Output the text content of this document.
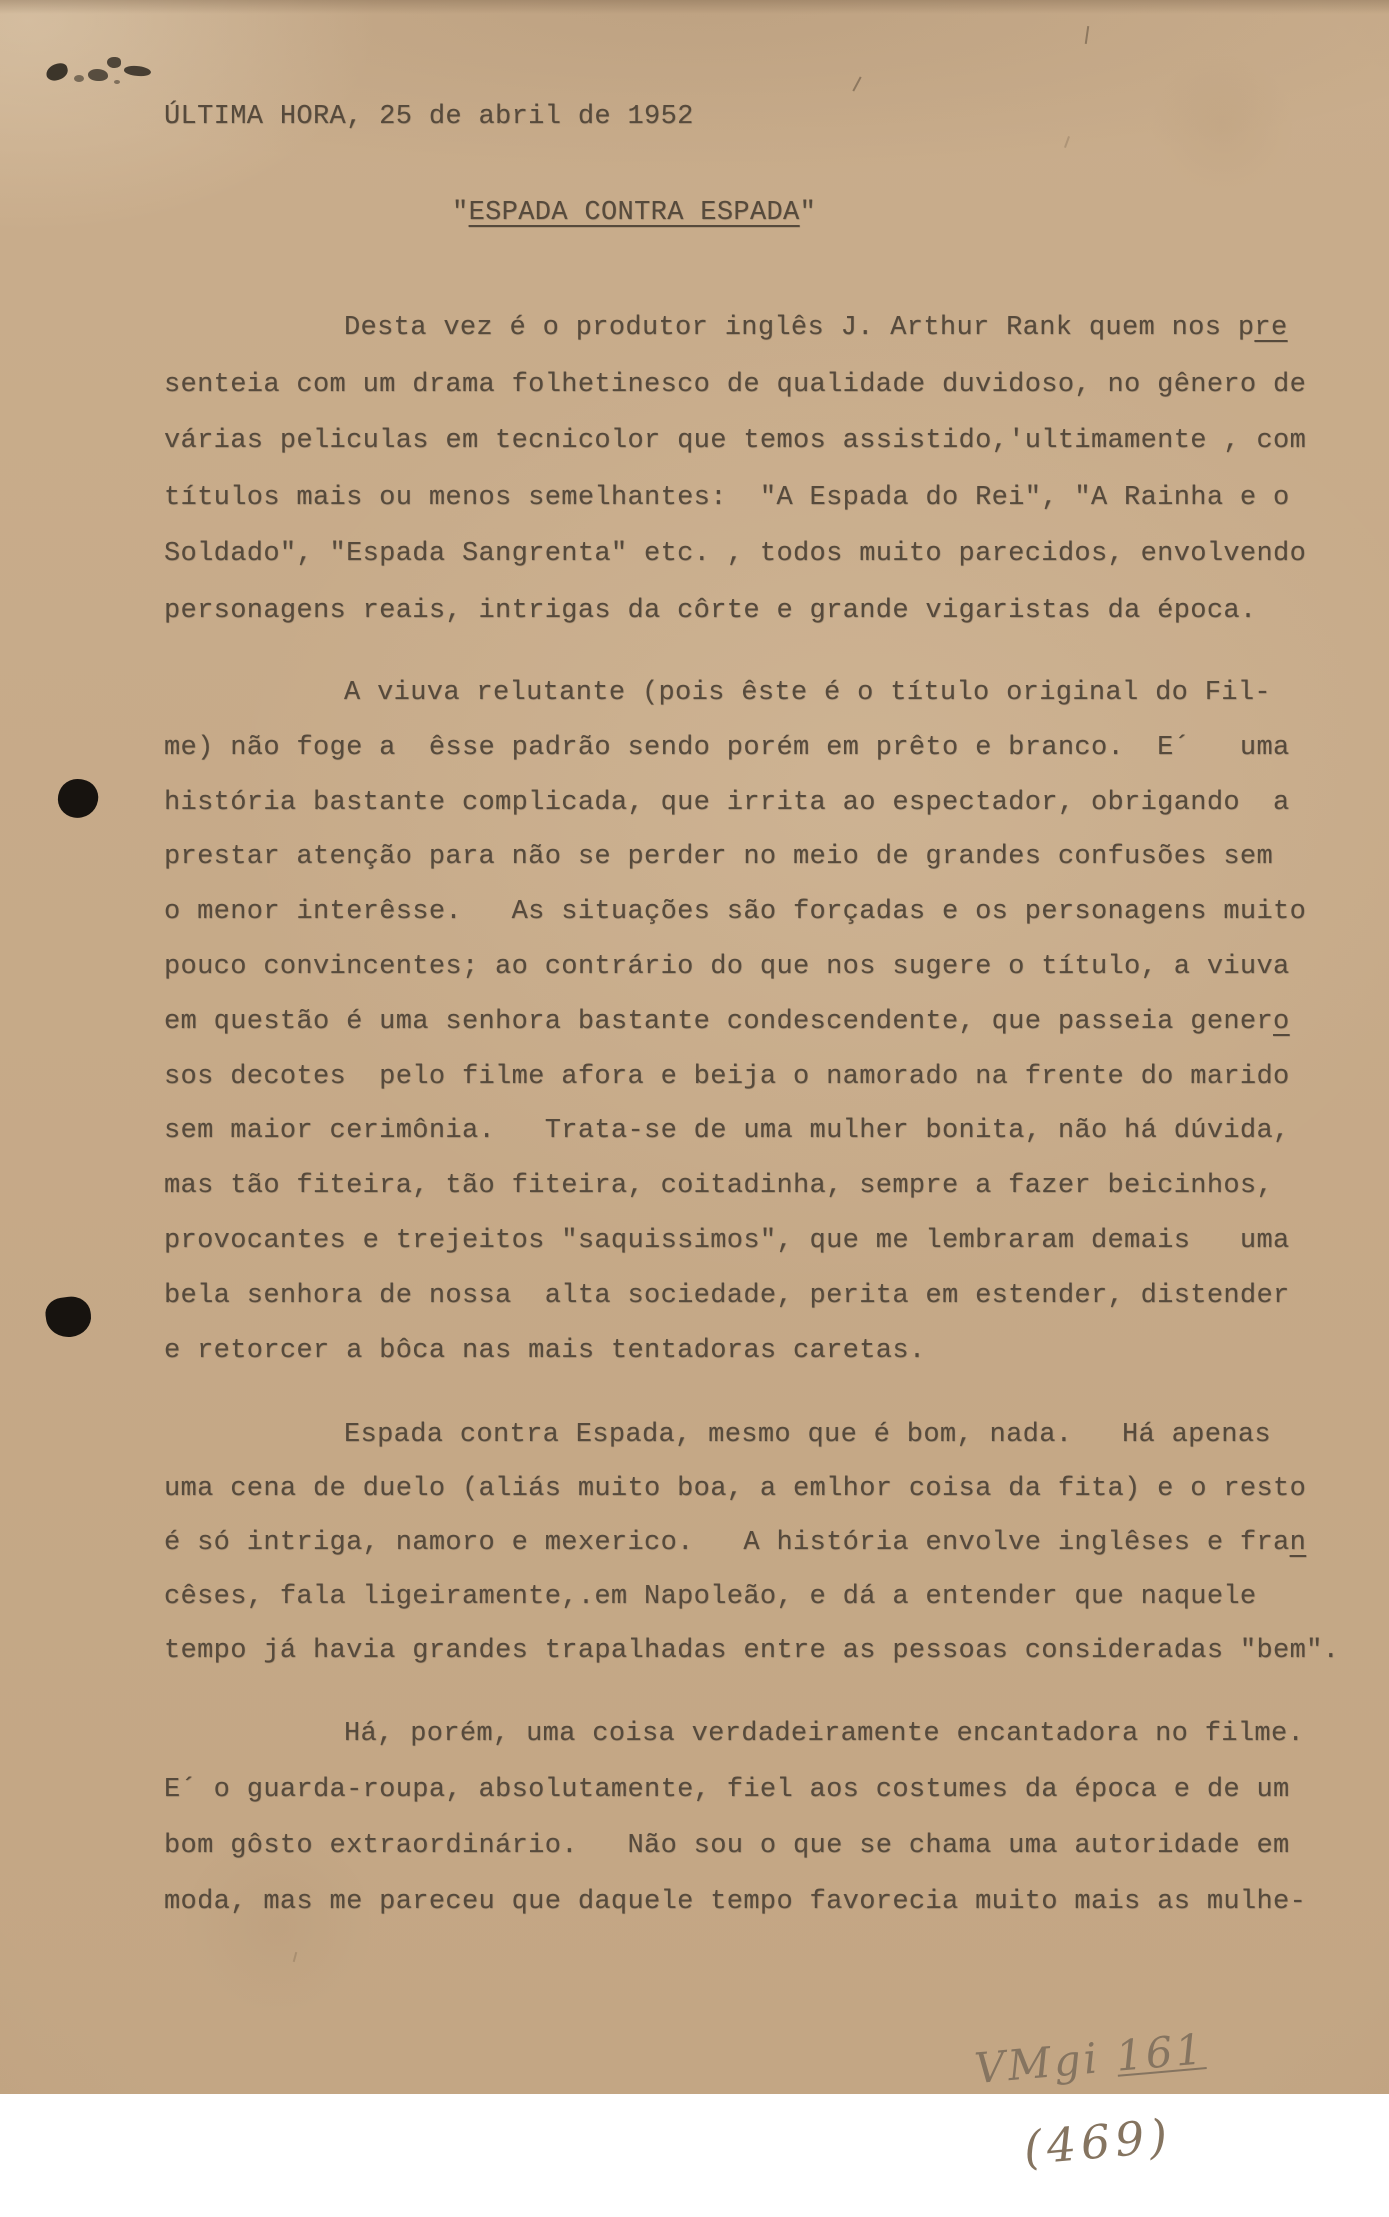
ÚLTIMA HORA, 25 de abril de 1952
"ESPADA CONTRA ESPADA"
Desta vez é o produtor inglês J. Arthur Rank quem nos pre
senteia com um drama folhetinesco de qualidade duvidoso, no gênero de
várias peliculas em tecnicolor que temos assistido,'ultimamente , com
títulos mais ou menos semelhantes:  "A Espada do Rei", "A Rainha e o
Soldado", "Espada Sangrenta" etc. , todos muito parecidos, envolvendo
personagens reais, intrigas da côrte e grande vigaristas da época.
A viuva relutante (pois êste é o título original do Fil-
me) não foge a  êsse padrão sendo porém em prêto e branco.  E´   uma
história bastante complicada, que irrita ao espectador, obrigando  a
prestar atenção para não se perder no meio de grandes confusões sem
o menor interêsse.   As situações são forçadas e os personagens muito
pouco convincentes; ao contrário do que nos sugere o título, a viuva
em questão é uma senhora bastante condescendente, que passeia genero
sos decotes  pelo filme afora e beija o namorado na frente do marido
sem maior cerimônia.   Trata-se de uma mulher bonita, não há dúvida,
mas tão fiteira, tão fiteira, coitadinha, sempre a fazer beicinhos,
provocantes e trejeitos "saquissimos", que me lembraram demais   uma
bela senhora de nossa  alta sociedade, perita em estender, distender
e retorcer a bôca nas mais tentadoras caretas.
Espada contra Espada, mesmo que é bom, nada.   Há apenas
uma cena de duelo (aliás muito boa, a emlhor coisa da fita) e o resto
é só intriga, namoro e mexerico.   A história envolve inglêses e fran
cêses, fala ligeiramente,.em Napoleão, e dá a entender que naquele
tempo já havia grandes trapalhadas entre as pessoas consideradas "bem".
Há, porém, uma coisa verdadeiramente encantadora no filme.
E´ o guarda-roupa, absolutamente, fiel aos costumes da época e de um
bom gôsto extraordinário.   Não sou o que se chama uma autoridade em
moda, mas me pareceu que daquele tempo favorecia muito mais as mulhe-

VMgi 161

(469)
